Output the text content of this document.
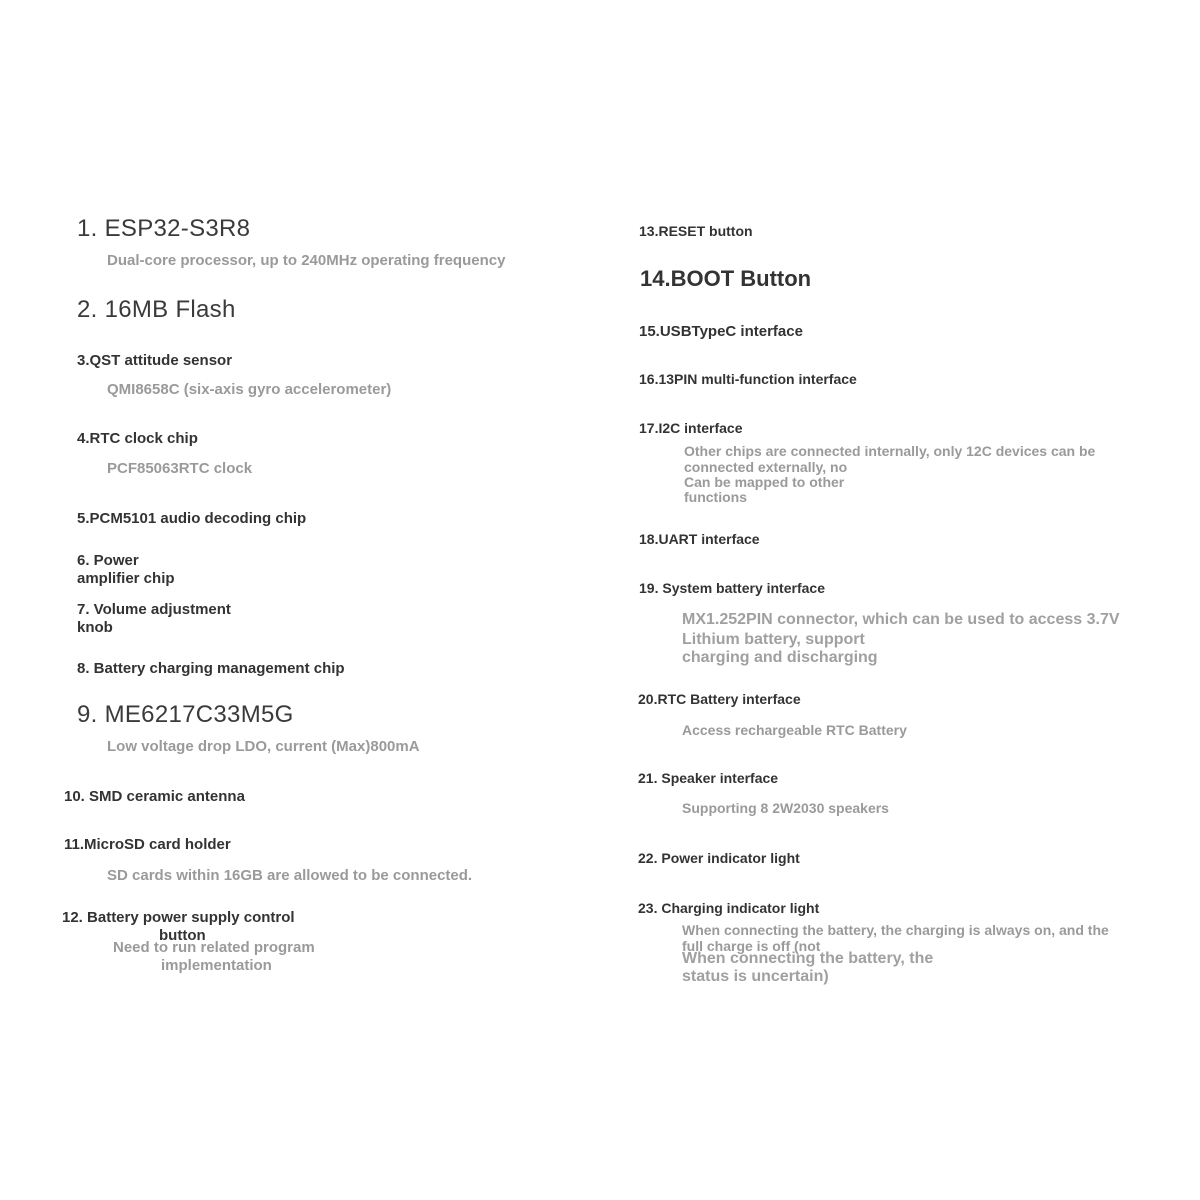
1. ESP32-S3R8
Dual-core processor, up to 240MHz operating frequency
2. 16MB Flash
3.QST attitude sensor
QMI8658C (six-axis gyro accelerometer)
4.RTC clock chip
PCF85063RTC clock
5.PCM5101 audio decoding chip
6. Power
amplifier chip
7. Volume adjustment
knob
8. Battery charging management chip
9. ME6217C33M5G
Low voltage drop LDO, current (Max)800mA
10. SMD ceramic antenna
11.MicroSD card holder
SD cards within 16GB are allowed to be connected.
12. Battery power supply control
button
Need to run related program
implementation
13.RESET button
14.BOOT Button
15.USBTypeC interface
16.13PIN multi-function interface
17.I2C interface
Other chips are connected internally, only 12C devices can be
connected externally, no
Can be mapped to other
functions
18.UART interface
19. System battery interface
MX1.252PIN connector, which can be used to access 3.7V
Lithium battery, support
charging and discharging
20.RTC Battery interface
Access rechargeable RTC Battery
21. Speaker interface
Supporting 8 2W2030 speakers
22. Power indicator light
23. Charging indicator light
When connecting the battery, the charging is always on, and the
full charge is off (not
When connecting the battery, the
status is uncertain)
